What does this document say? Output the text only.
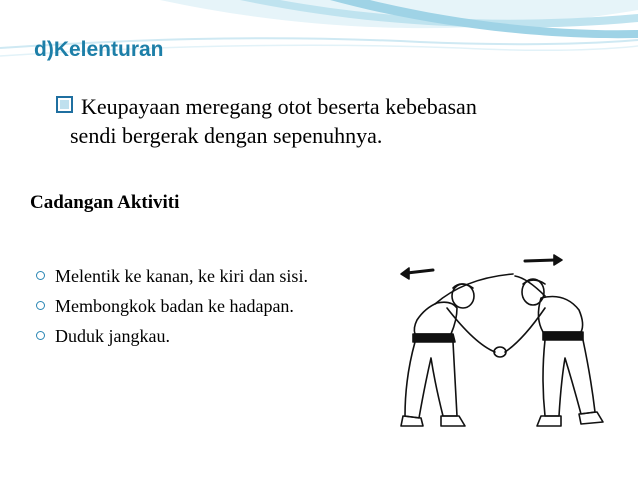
d)Kelenturan
Keupayaan meregang otot beserta kebebasan
sendi bergerak dengan sepenuhnya.
Cadangan Aktiviti
Melentik ke kanan, ke kiri dan sisi.
Membongkok badan ke hadapan.
Duduk jangkau.
